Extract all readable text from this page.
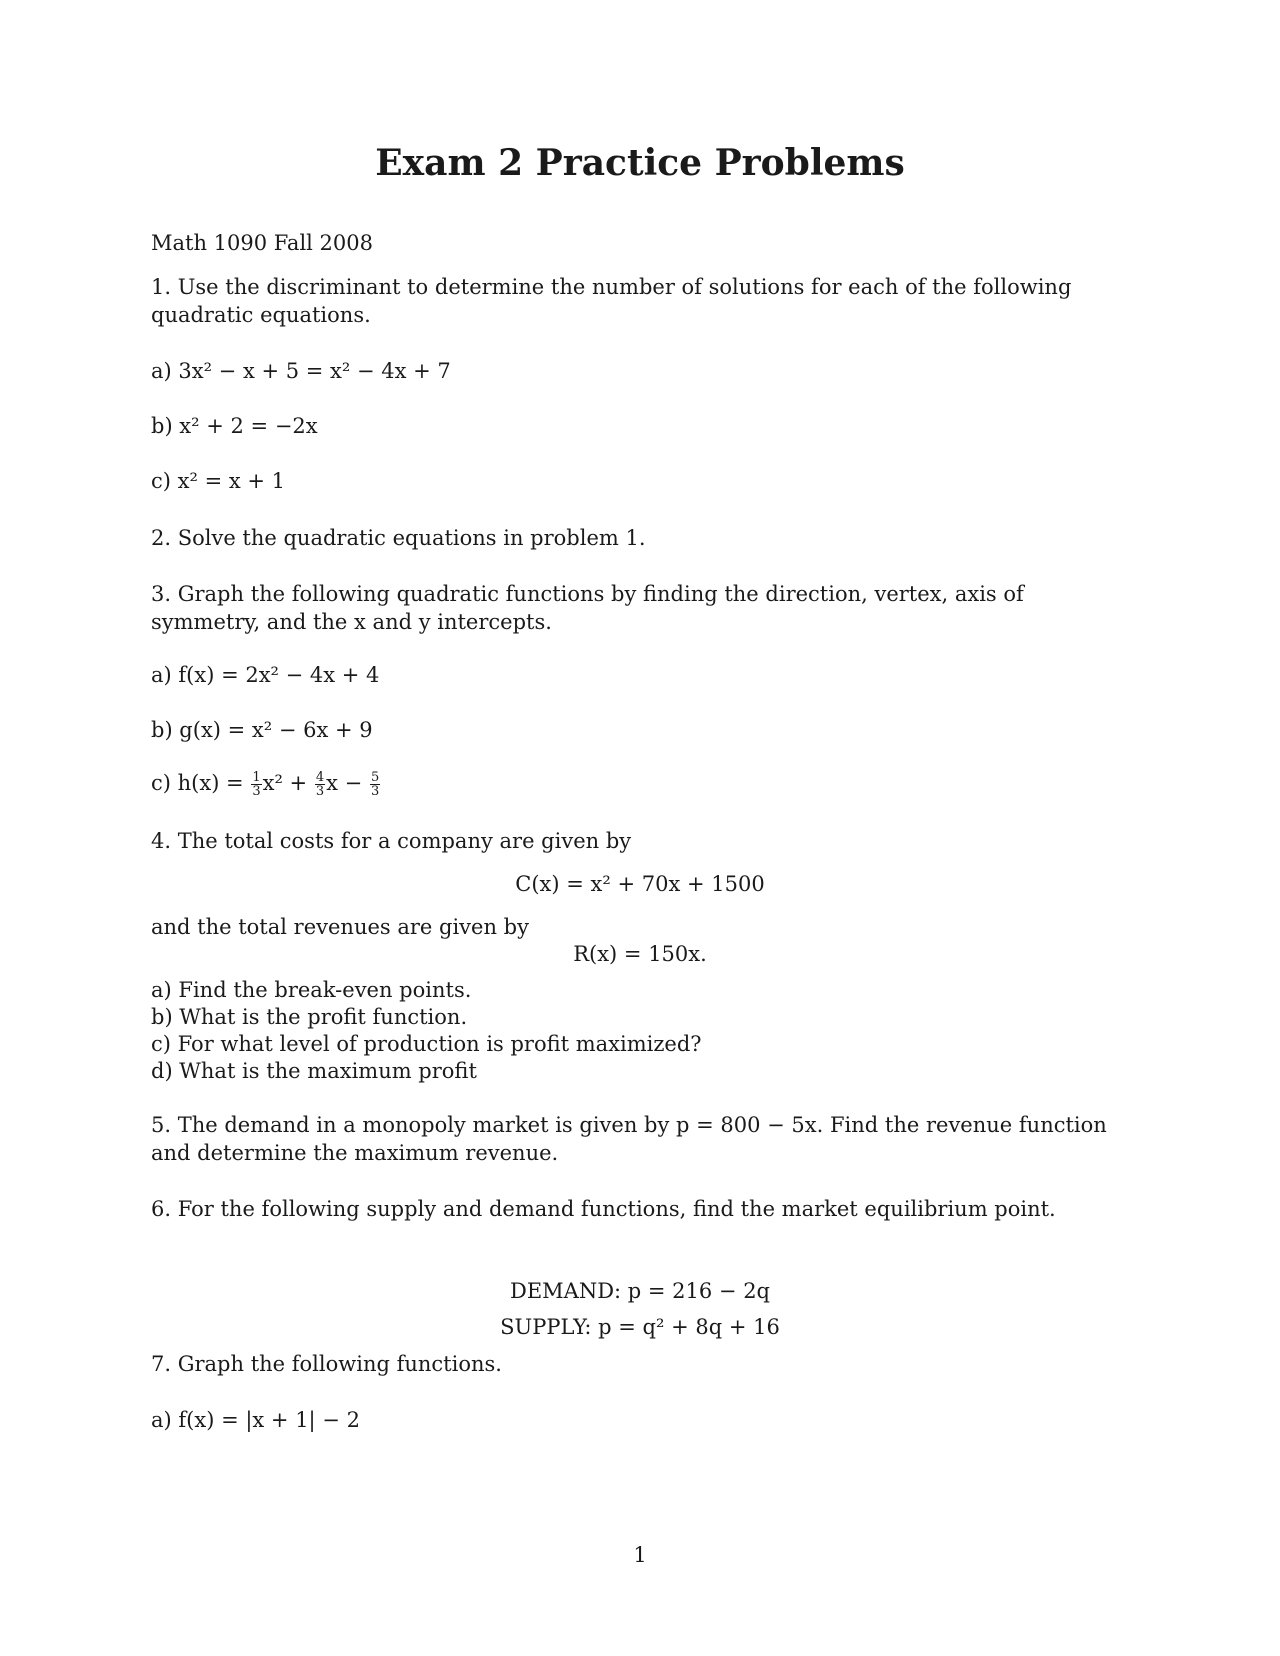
Exam 2 Practice Problems
Math 1090 Fall 2008
1. Use the discriminant to determine the number of solutions for each of the following quadratic equations.
a) 3x² − x + 5 = x² − 4x + 7
b) x² + 2 = −2x
c) x² = x + 1
2. Solve the quadratic equations in problem 1.
3. Graph the following quadratic functions by finding the direction, vertex, axis of symmetry, and the x and y intercepts.
a) f(x) = 2x² − 4x + 4
b) g(x) = x² − 6x + 9
c) $h(x) = \frac{1}{3} x^2 + \frac{4}{3}$ $x - \frac{5}{3}$
4. The total costs for a company are given by
C(x) = x² + 70x + 1500
and the total revenues are given by
R(x) = 150x.
a) Find the break-even points.
b) What is the profit function.
c) For what level of production is profit maximized?
d) What is the maximum profit
5. The demand in a monopoly market is given by p = 800 − 5x. Find the revenue function and determine the maximum revenue.
6. For the following supply and demand functions, find the market equilibrium point.
DEMAND: p = 216 − 2q
SUPPLY: p = q² + 8q + 16
7. Graph the following functions.
a) f(x) = |x + 1| − 2
1
